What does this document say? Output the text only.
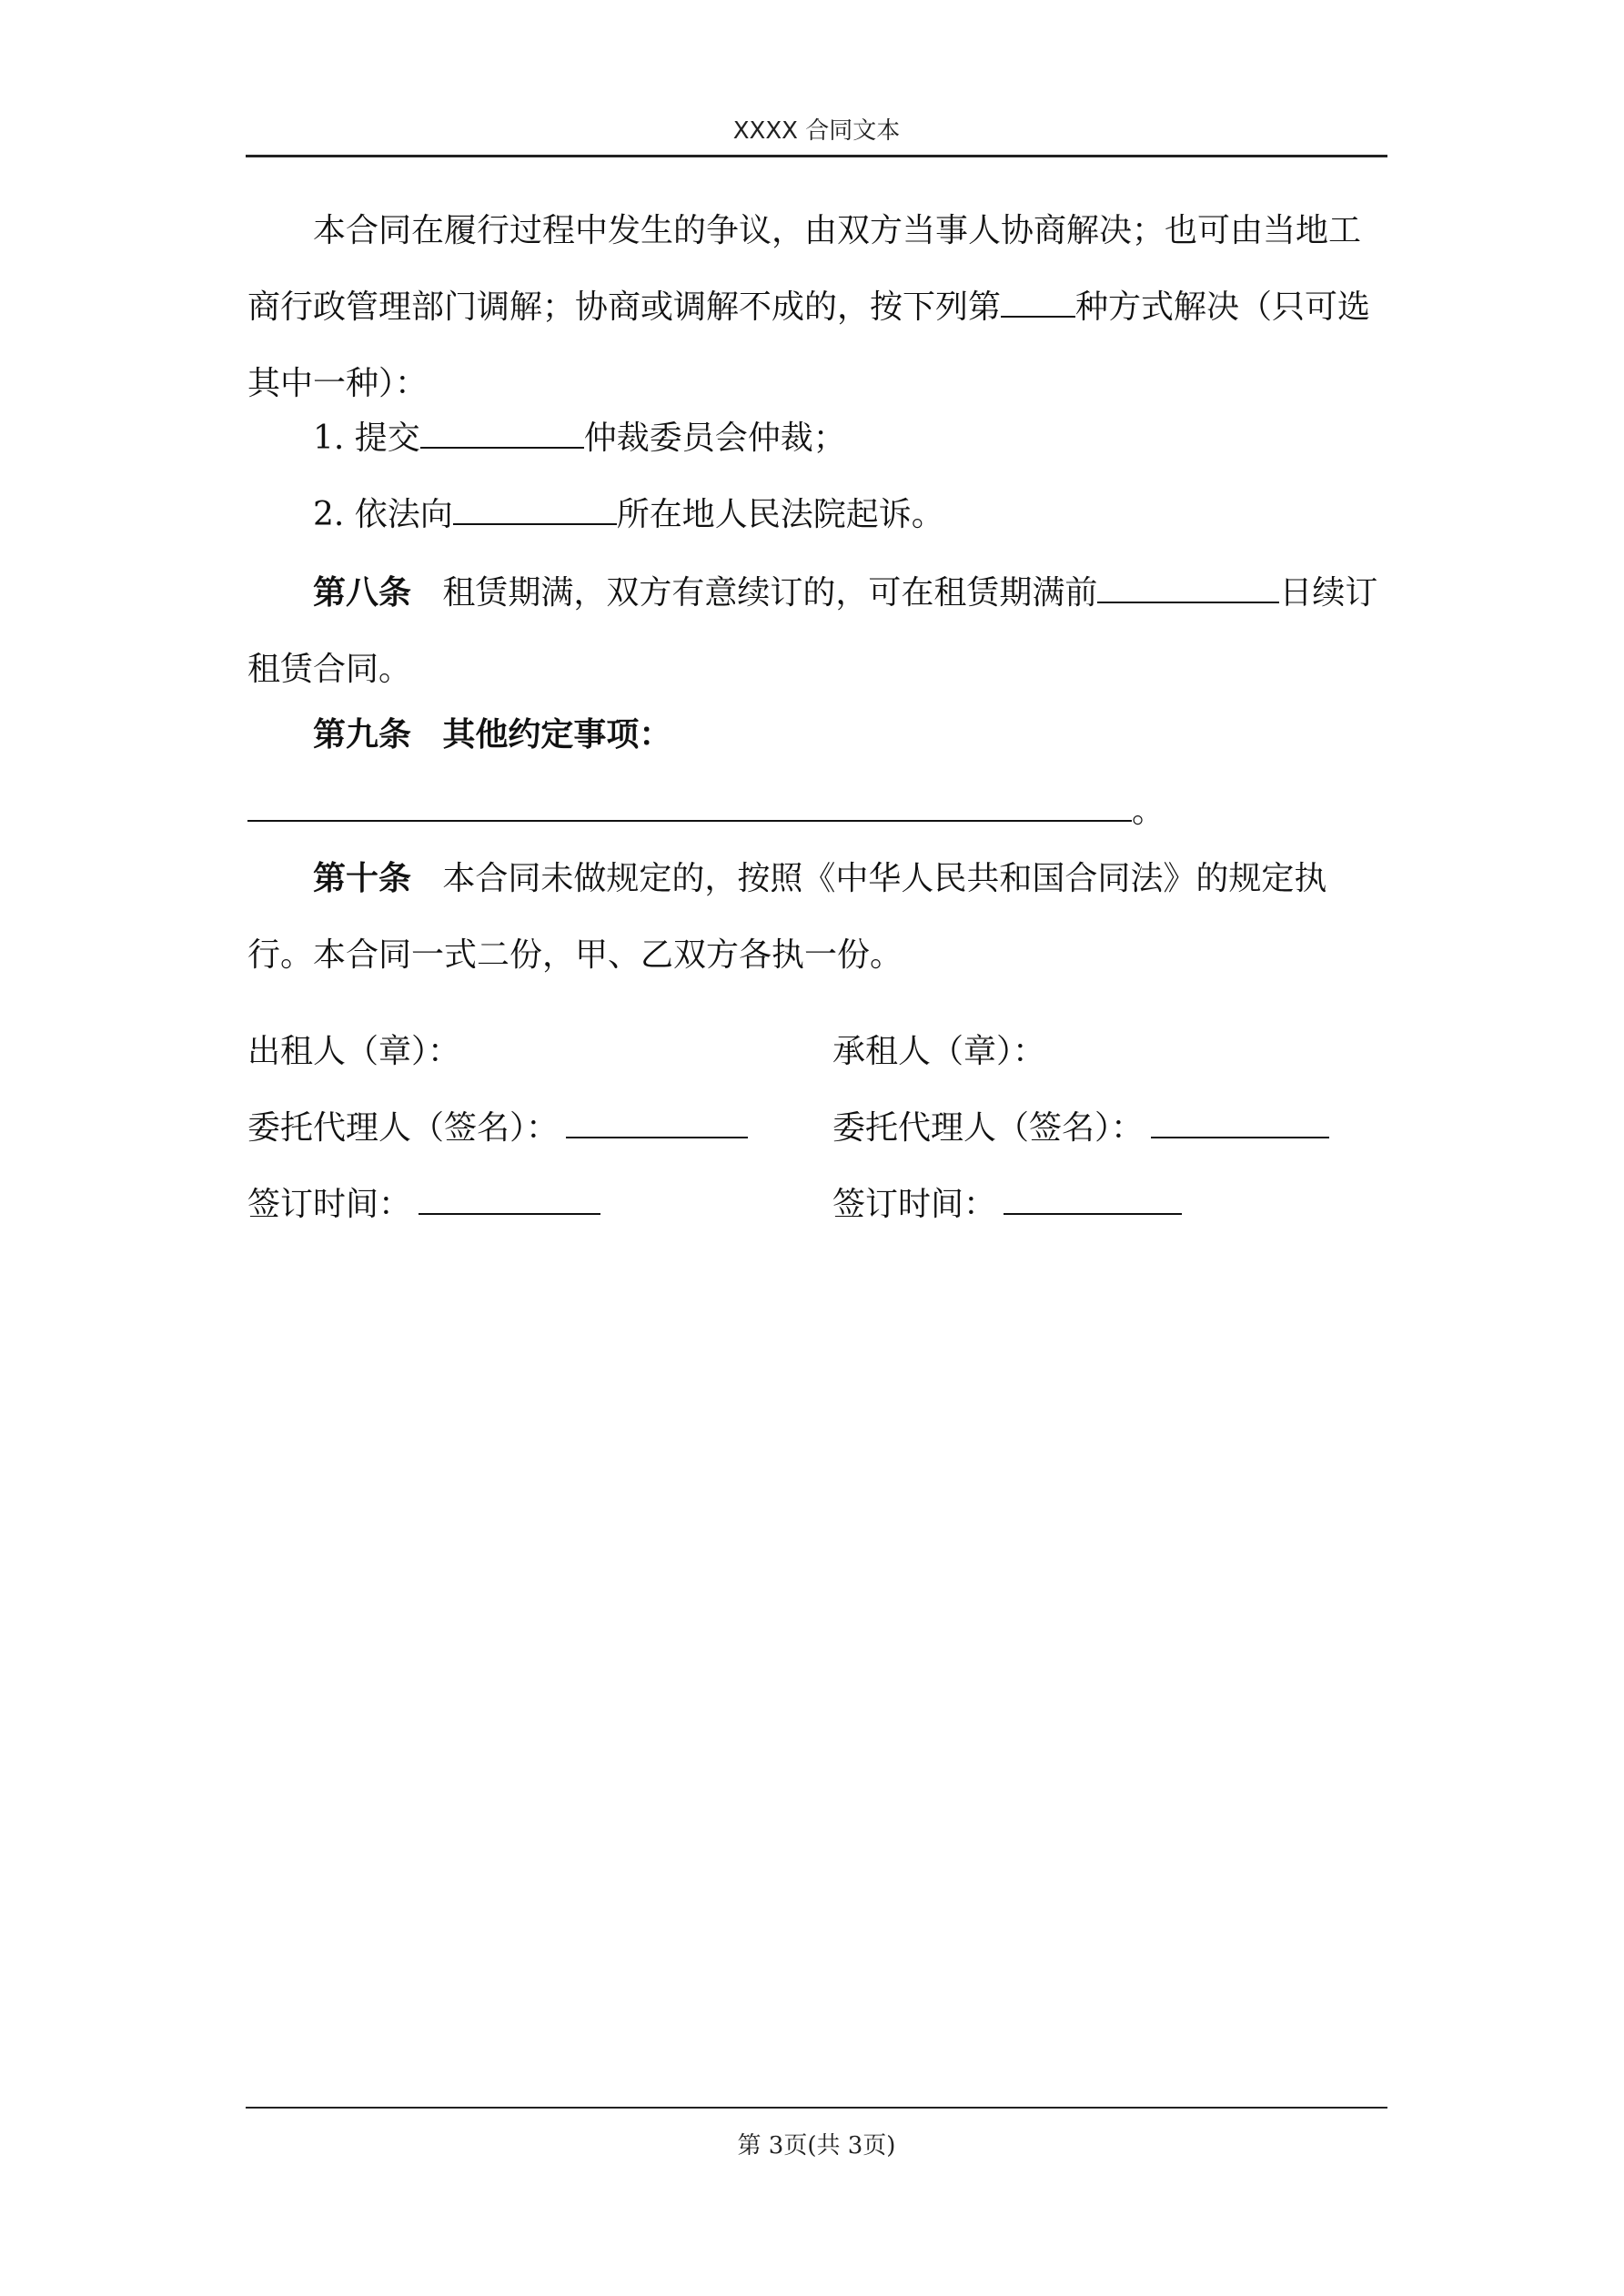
XXXX 合同文本

本合同在履行过程中发生的争议，由双方当事人协商解决；也可由当地工商行政管理部门调解；协商或调解不成的，按下列第 种方式解决（只可选其中一种）：

1. 提交	仲裁委员会仲裁；

2. 依法向	所在地人民法院起诉。

第八条 租赁期满，双方有意续订的，可在租赁期满前	日续订租赁合同。

第九条 其他约定事项：

。

第十条 本合同未做规定的，按照《中华人民共和国合同法》的规定执行。本合同一式二份，甲、乙双方各执一份。

出租人（章）：	承租人（章）：

委托代理人（签名）：	委托代理人（签名）：

签订时间：	签订时间：

第 3页(共 3页)
